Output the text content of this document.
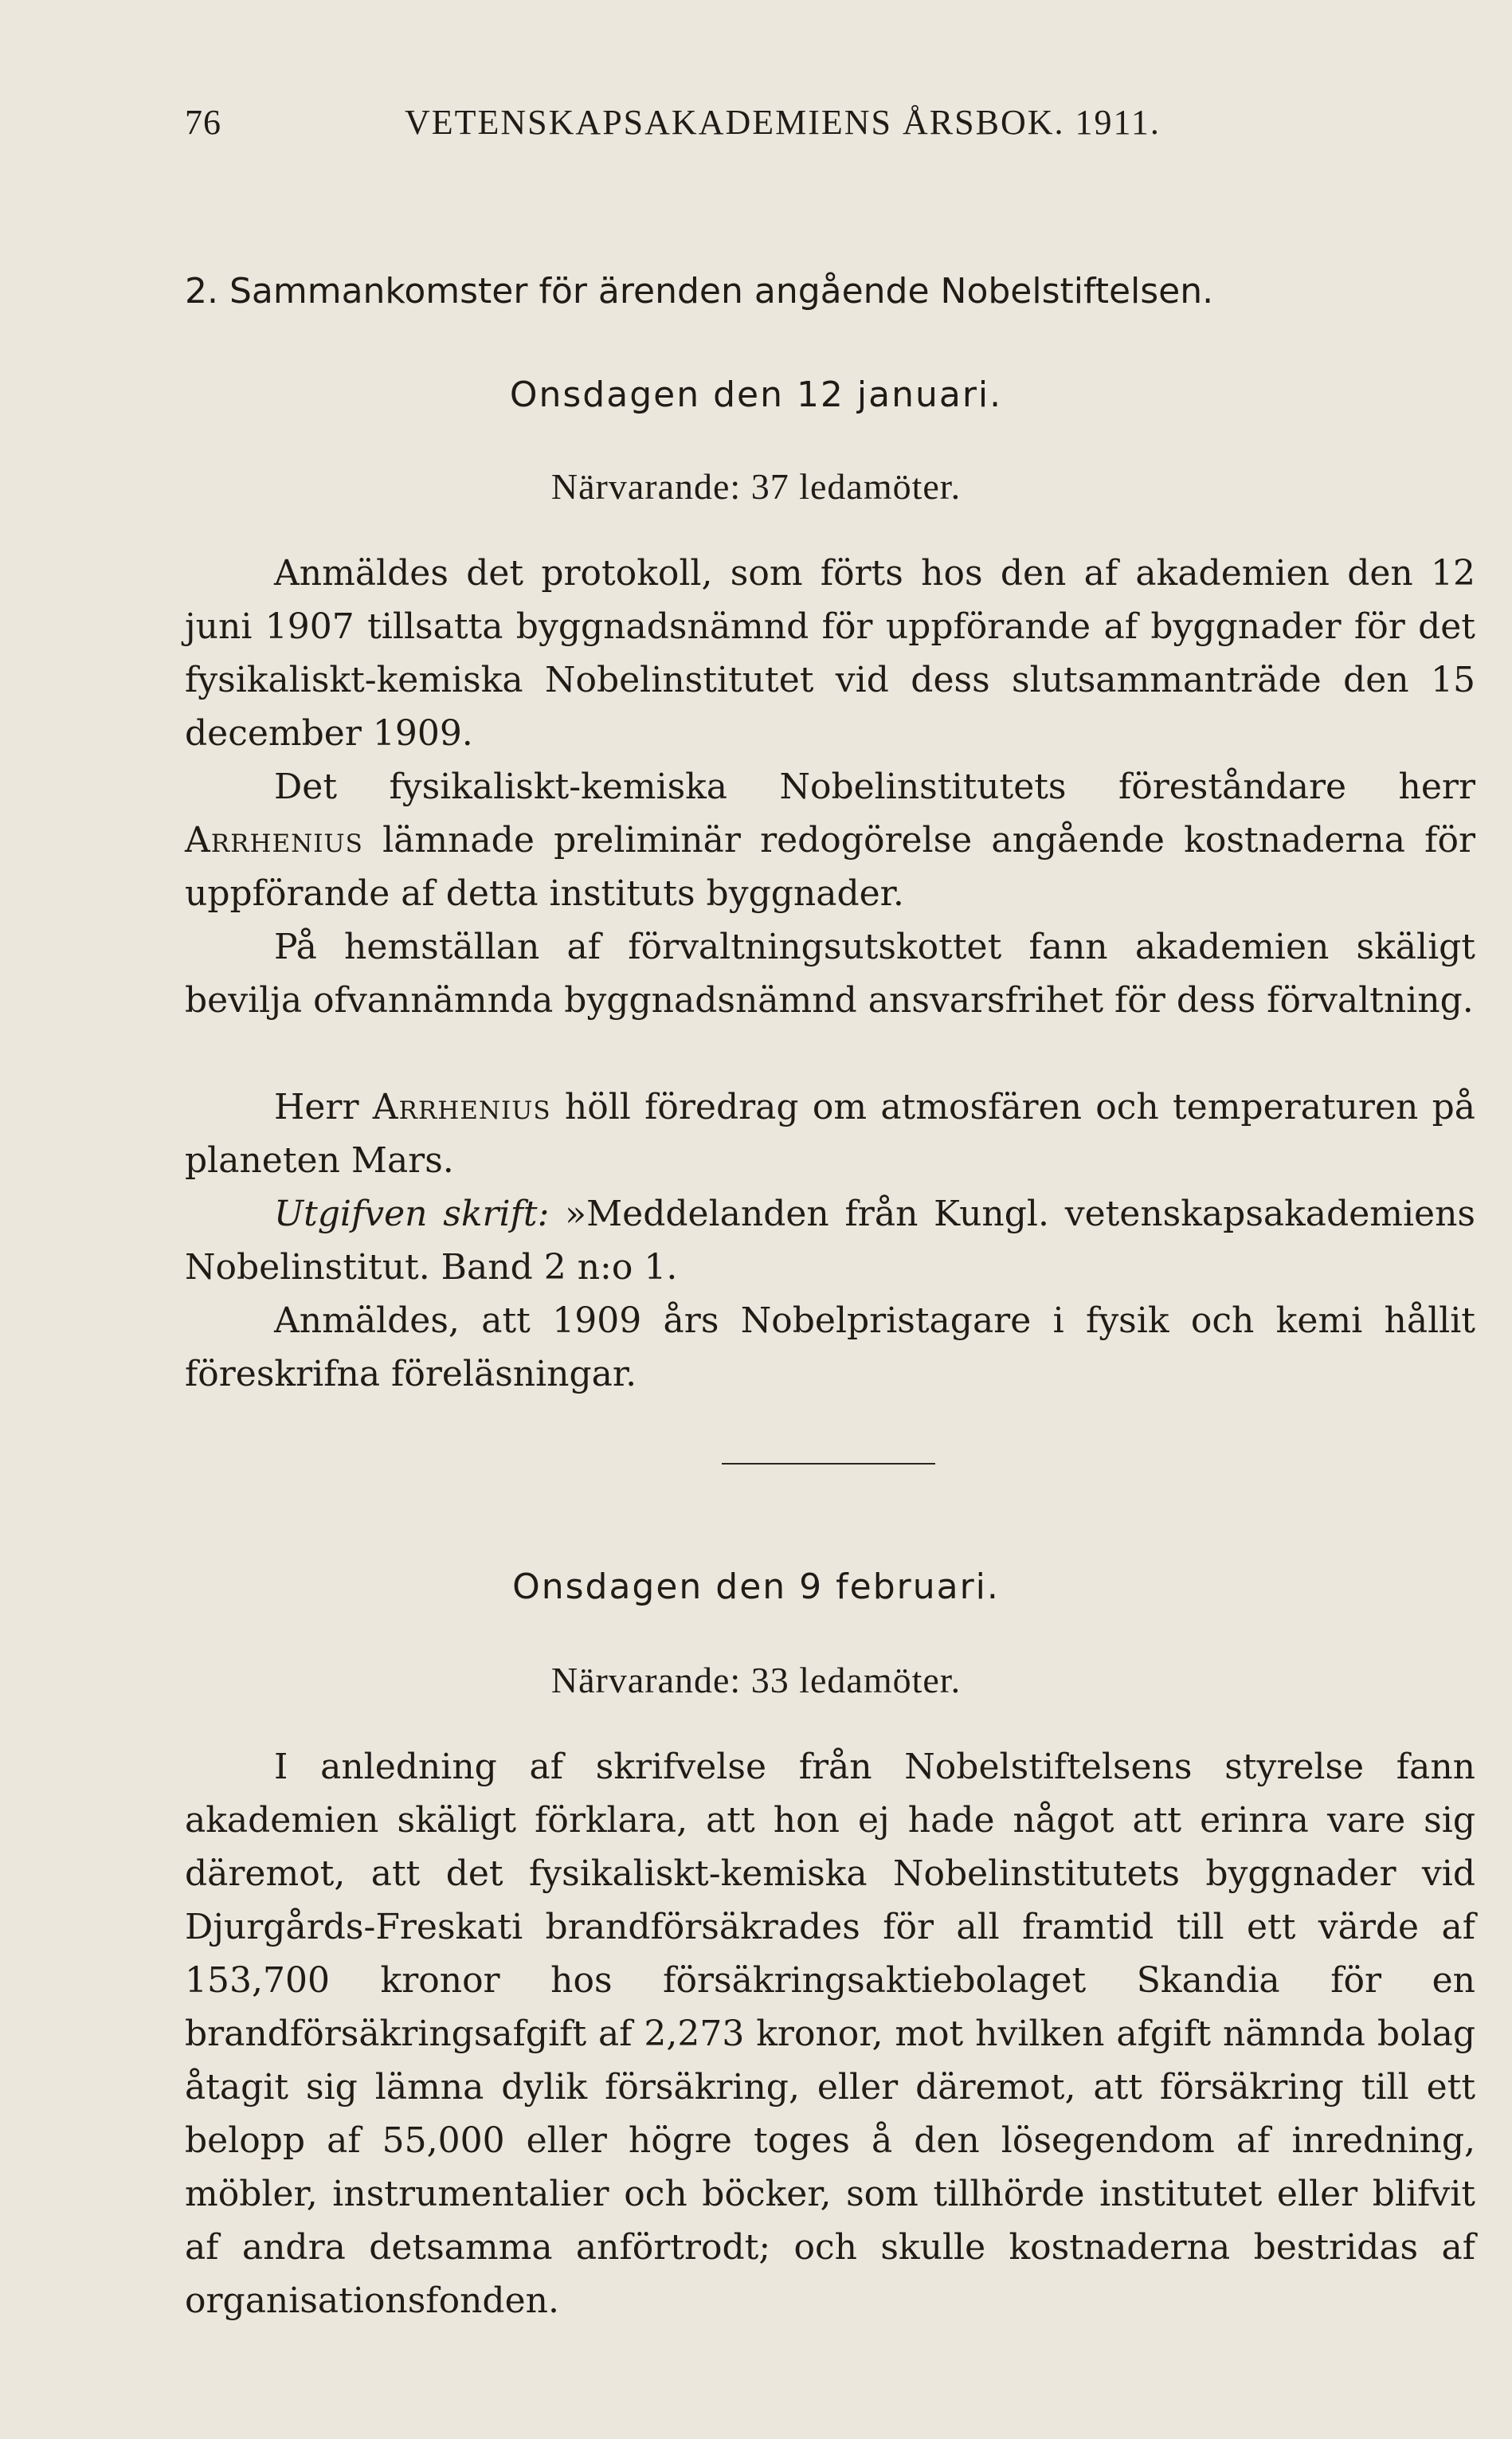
76	VETENSKAPSAKADEMIENS ÅRSBOK. 1911.
2. Sammankomster för ärenden angående Nobelstiftelsen.
Onsdagen den 12 januari.
Närvarande: 37 ledamöter.

Anmäldes det protokoll, som förts hos den af akademien den 12 juni 1907 tillsatta byggnadsnämnd för uppförande af byggnader för det fysikaliskt-kemiska Nobelinstitutet vid dess slutsammanträde den 15 december 1909.

Det fysikaliskt-kemiska Nobelinstitutets föreståndare herr Arrhenius lämnade preliminär redogörelse angående kostnaderna för uppförande af detta instituts byggnader.

På hemställan af förvaltningsutskottet fann akademien skäligt bevilja ofvannämnda byggnadsnämnd ansvarsfrihet för dess förvaltning.

Herr Arrhenius höll föredrag om atmosfären och temperaturen på planeten Mars.

Utgifven skrift: »Meddelanden från Kungl. vetenskapsakademiens Nobelinstitut. Band 2 n:o 1.

Anmäldes, att 1909 års Nobelpristagare i fysik och kemi hållit föreskrifna föreläsningar.

Onsdagen den 9 februari.
Närvarande: 33 ledamöter.

I anledning af skrifvelse från Nobelstiftelsens styrelse fann akademien skäligt förklara, att hon ej hade något att erinra vare sig däremot, att det fysikaliskt-kemiska Nobelinstitutets byggnader vid Djurgårds-Freskati brandförsäkrades för all framtid till ett värde af 153,700 kronor hos försäkringsaktiebolaget Skandia för en brandförsäkringsafgift af 2,273 kronor, mot hvilken afgift nämnda bolag åtagit sig lämna dylik försäkring, eller däremot, att försäkring till ett belopp af 55,000 eller högre toges å den lösegendom af inredning, möbler, instrumentalier och böcker, som tillhörde institutet eller blifvit af andra detsamma anförtrodt; och skulle kostnaderna bestridas af organisationsfonden.
